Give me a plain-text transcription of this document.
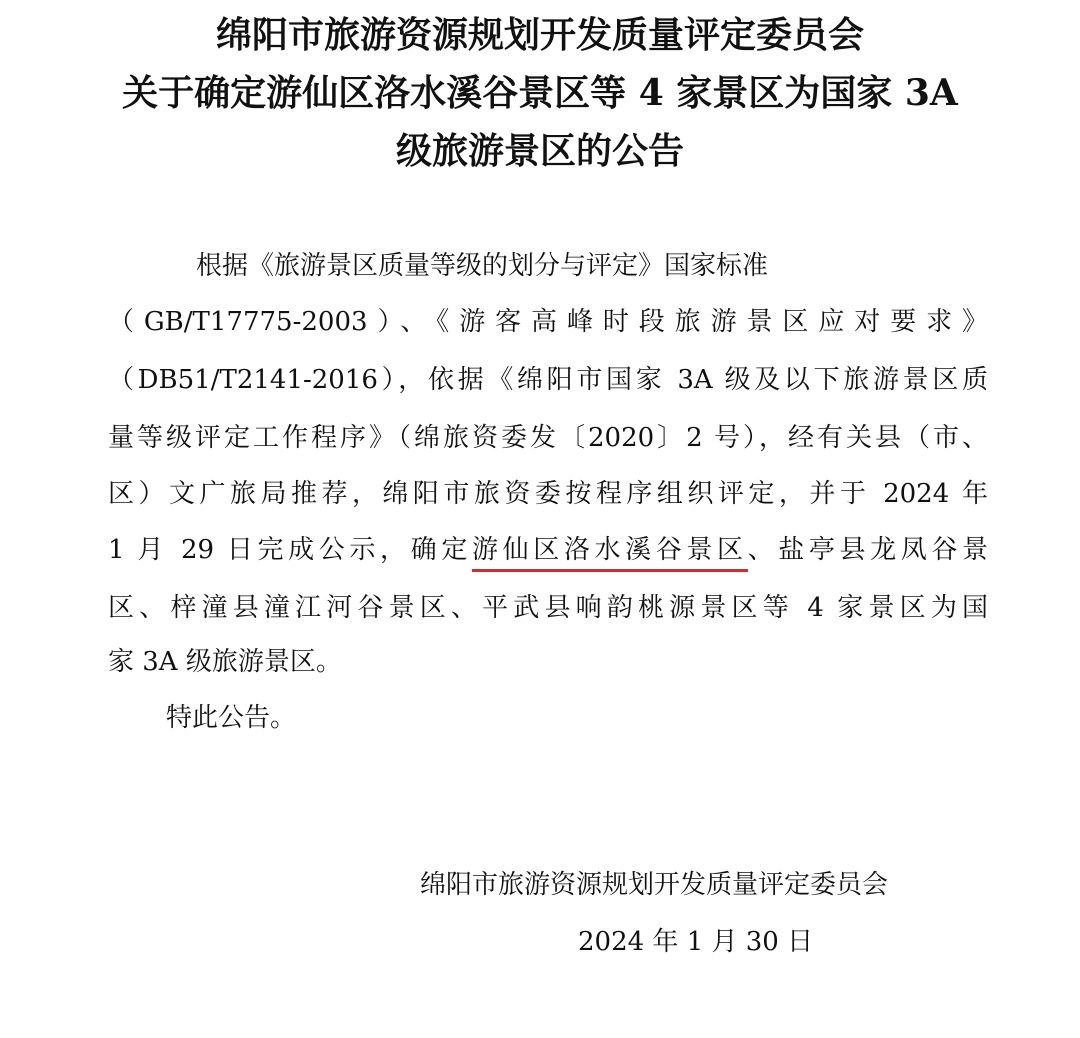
绵阳市旅游资源规划开发质量评定委员会
关于确定游仙区洛水溪谷景区等 4 家景区为国家 3A
级旅游景区的公告
根据《旅游景区质量等级的划分与评定》国家标准
（GB/T17775-2003）、《游客高峰时段旅游景区应对要求》
（DB51/T2141-2016），依据《绵阳市国家 3A 级及以下旅游景区质
量等级评定工作程序》（绵旅资委发〔2020〕2 号），经有关县（市、
区）文广旅局推荐，绵阳市旅资委按程序组织评定，并于 2024 年
1 月 29 日完成公示，确定游仙区洛水溪谷景区、盐亭县龙凤谷景
区、梓潼县潼江河谷景区、平武县响韵桃源景区等 4 家景区为国
家 3A 级旅游景区。
特此公告。
绵阳市旅游资源规划开发质量评定委员会
2024 年 1 月 30 日
